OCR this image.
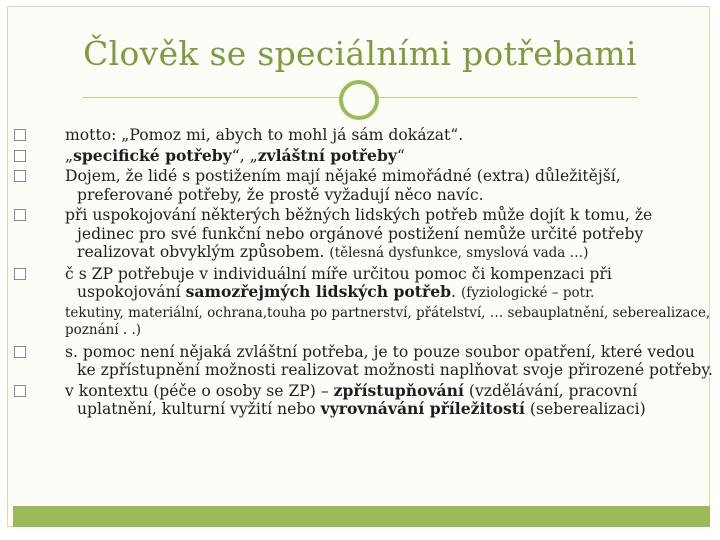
Člověk se speciálními potřebami
motto: „Pomoz mi, abych to mohl já sám dokázat“.
„specifické potřeby“, „zvláštní potřeby“
Dojem, že lidé s postižením mají nějaké mimořádné (extra) důležitější, preferované potřeby, že prostě vyžadují něco navíc.
při uspokojování některých běžných lidských potřeb může dojít k tomu, že jedinec pro své funkční nebo orgánové postižení nemůže určité potřeby realizovat obvyklým způsobem. (tělesná dysfunkce, smyslová vada …)
č s ZP potřebuje v individuální míře určitou pomoc či kompenzaci při uspokojování samozřejmých lidských potřeb. (fyziologické – potr.
tekutiny, materiální, ochrana,touha po partnerství, přátelství, … sebauplatnění, seberealizace, poznání . .)
s. pomoc není nějaká zvláštní potřeba, je to pouze soubor opatření, které vedou ke zpřístupnění možnosti realizovat možnosti naplňovat svoje přirozené potřeby.
v kontextu (péče o osoby se ZP) – zpřístupňování (vzdělávání, pracovní uplatnění, kulturní vyžití nebo vyrovnávání příležitostí (seberealizaci)
